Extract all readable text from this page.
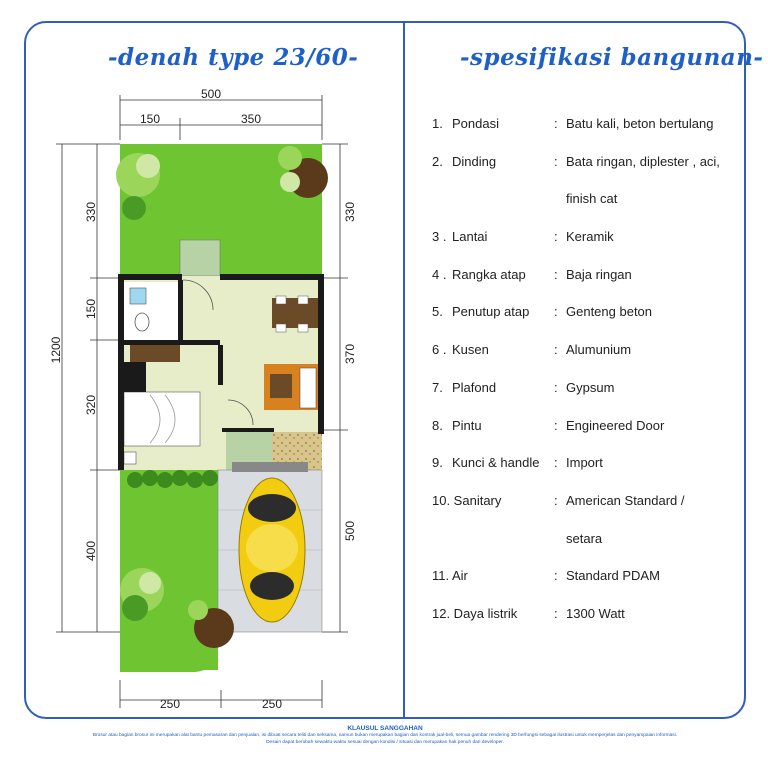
-denah type 23/60-	-spesifikasi bangunan-
500
150	350
1200
330
150
320
400
330
370
500
250	250
1. Pondasi	: Batu kali, beton bertulang
2. Dinding	: Bata ringan, diplester , aci,
finish cat
3 . Lantai	: Keramik
4 . Rangka atap : Baja ringan
5. Penutup atap : Genteng beton
6 . Kusen	: Alumunium
7. Plafond	: Gypsum
8. Pintu	: Engineered Door
9. Kunci & handle : Import
10. Sanitary	: American Standard /
setara
11. Air	: Standard PDAM
12. Daya listrik	: 1300 Watt
KLAUSUL SANGGAHAN
Brosur atau bagian brosur ini merupakan alat bantu pemasaran dan penjualan, isi dibuat secara teliti dan seksama, namun bukan merupakan bagian dari kontrak jual-beli, semua gambar rendering 3D berfungsi sebagai ilustrasi untuk memperjelas dan penyampaian informasi.
Desain dapat berubah sewaktu-waktu sesuai dengan kondisi / situasi dan merupakan hak penuh dari developer.
